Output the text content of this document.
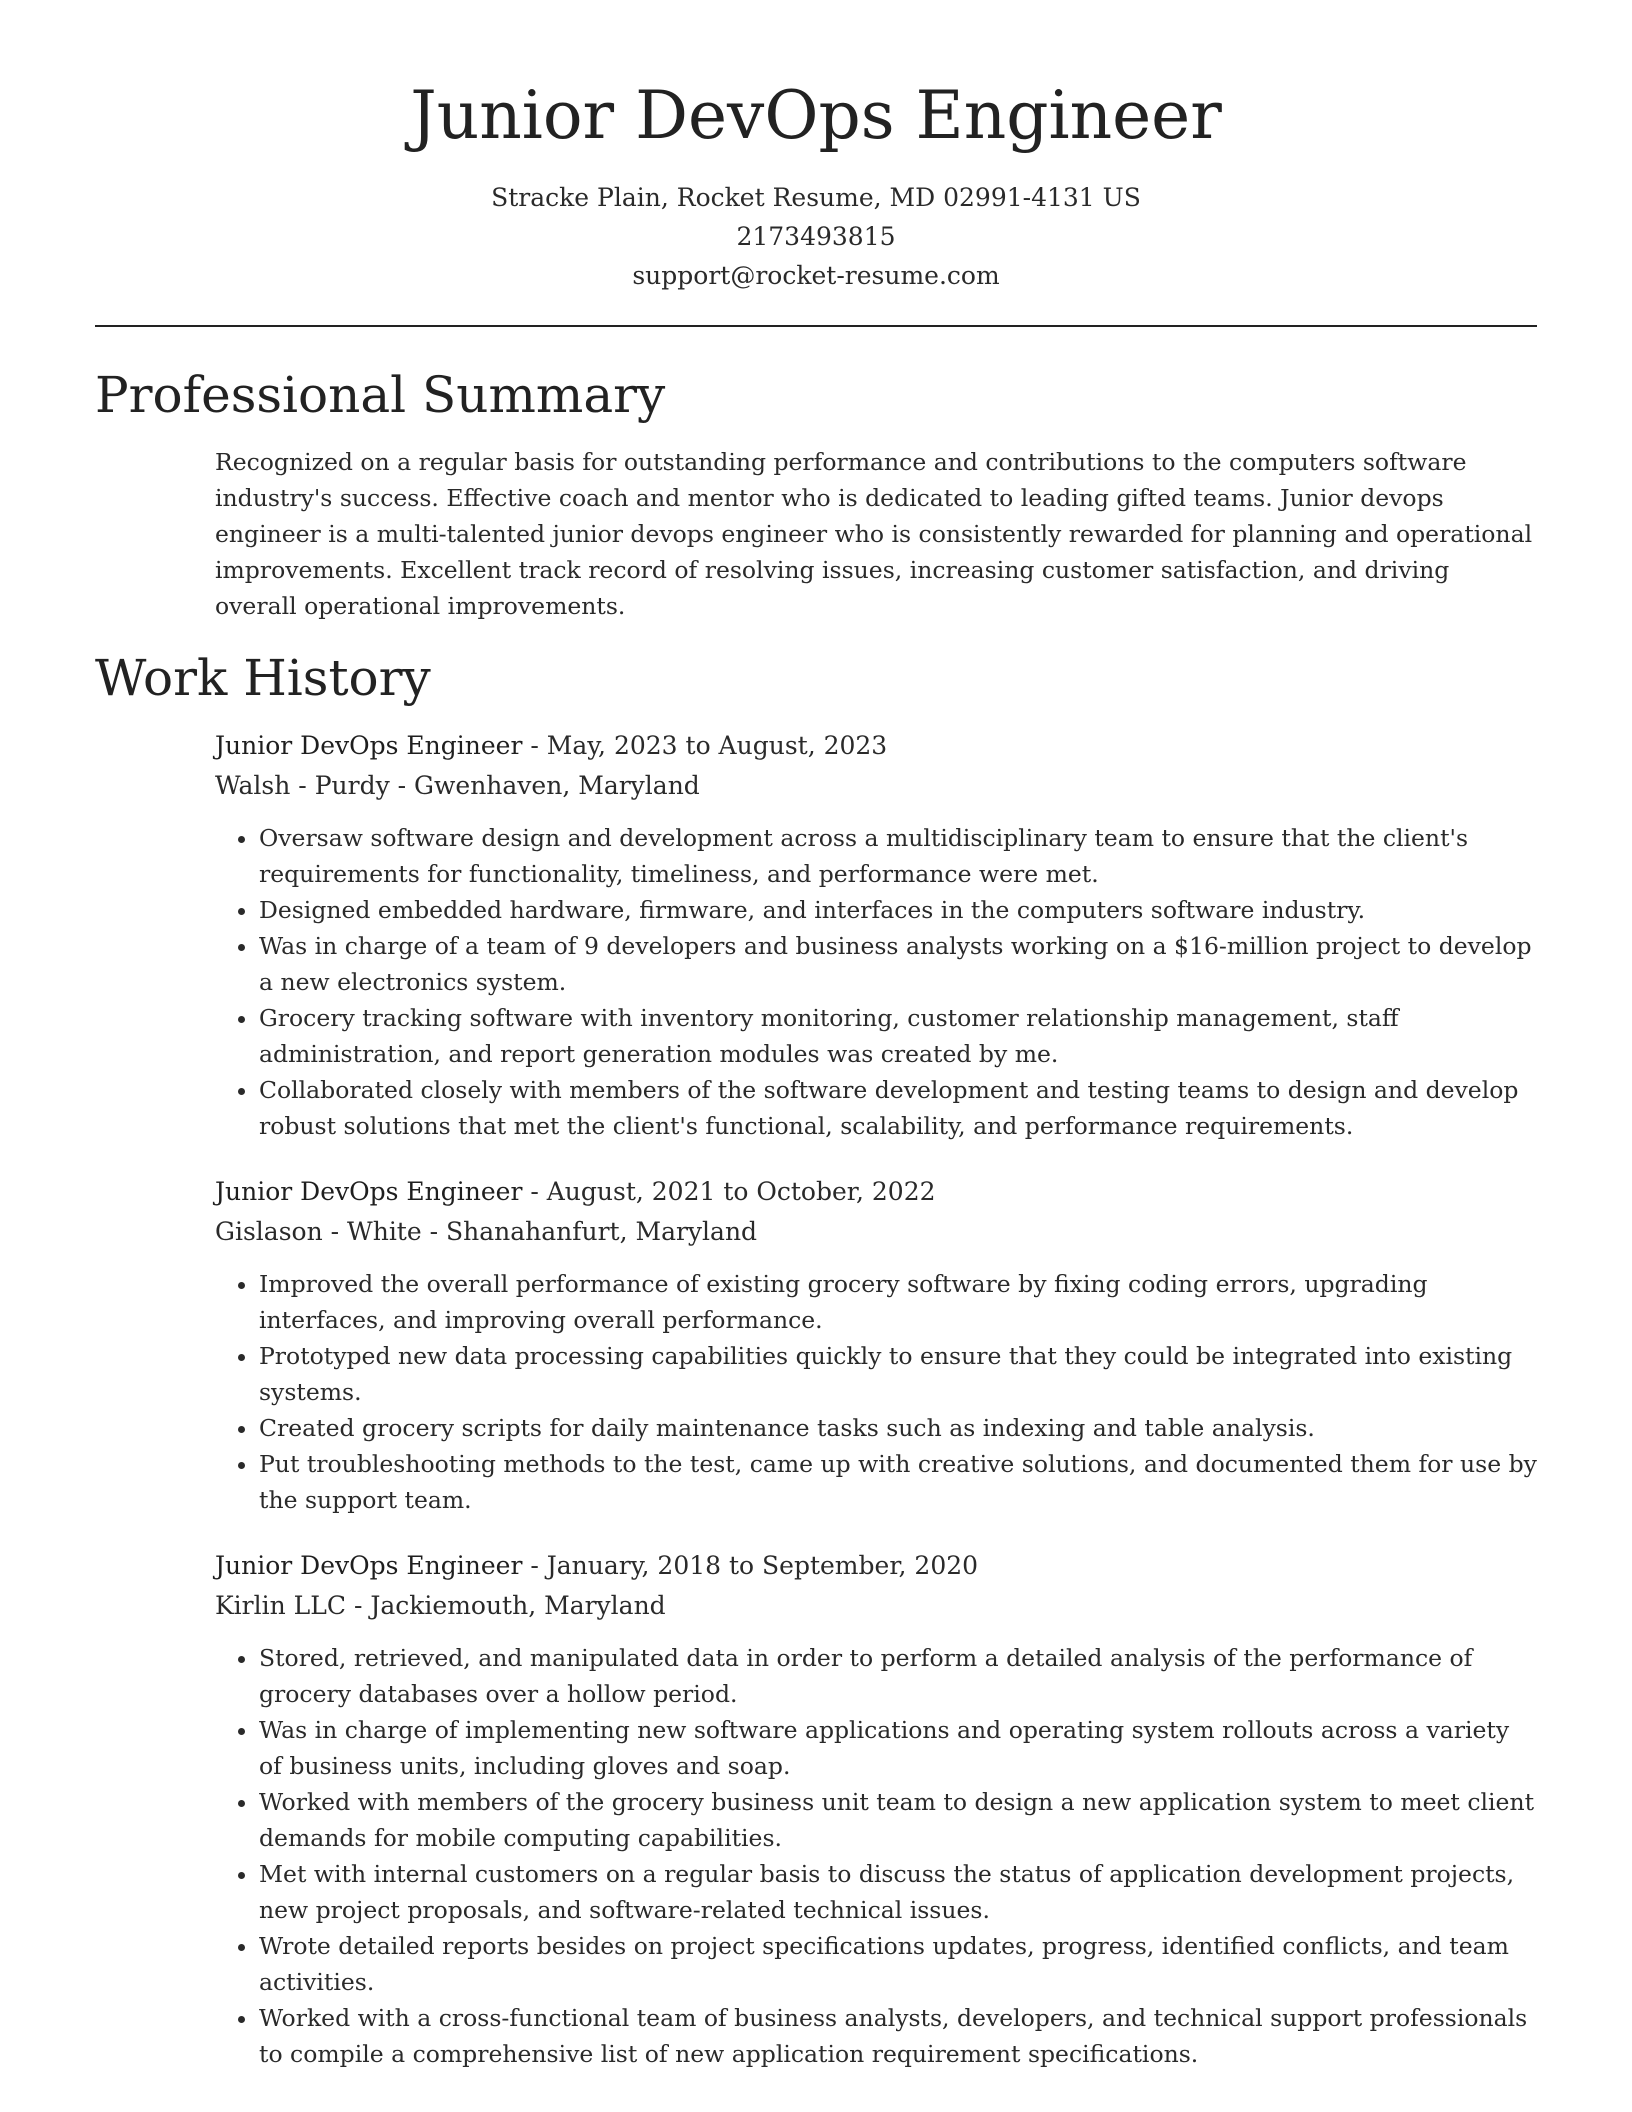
Junior DevOps Engineer
Stracke Plain, Rocket Resume, MD 02991-4131 US
2173493815
support@rocket-resume.com
Professional Summary

Recognized on a regular basis for outstanding performance and contributions to the computers software industry's success. Effective coach and mentor who is dedicated to leading gifted teams. Junior devops engineer is a multi-talented junior devops engineer who is consistently rewarded for planning and operational improvements. Excellent track record of resolving issues, increasing customer satisfaction, and driving overall operational improvements.

Work History
Junior DevOps Engineer - May, 2023 to August, 2023
Walsh - Purdy - Gwenhaven, Maryland
• Oversaw software design and development across a multidisciplinary team to ensure that the client's requirements for functionality, timeliness, and performance were met.
• Designed embedded hardware, firmware, and interfaces in the computers software industry.
• Was in charge of a team of 9 developers and business analysts working on a $16-million project to develop a new electronics system.
• Grocery tracking software with inventory monitoring, customer relationship management, staff administration, and report generation modules was created by me.
• Collaborated closely with members of the software development and testing teams to design and develop robust solutions that met the client's functional, scalability, and performance requirements.
Junior DevOps Engineer - August, 2021 to October, 2022
Gislason - White - Shanahanfurt, Maryland
• Improved the overall performance of existing grocery software by fixing coding errors, upgrading interfaces, and improving overall performance.
• Prototyped new data processing capabilities quickly to ensure that they could be integrated into existing systems.
• Created grocery scripts for daily maintenance tasks such as indexing and table analysis.
• Put troubleshooting methods to the test, came up with creative solutions, and documented them for use by the support team.
Junior DevOps Engineer - January, 2018 to September, 2020
Kirlin LLC - Jackiemouth, Maryland
• Stored, retrieved, and manipulated data in order to perform a detailed analysis of the performance of grocery databases over a hollow period.
• Was in charge of implementing new software applications and operating system rollouts across a variety of business units, including gloves and soap.
• Worked with members of the grocery business unit team to design a new application system to meet client demands for mobile computing capabilities.
• Met with internal customers on a regular basis to discuss the status of application development projects, new project proposals, and software-related technical issues.
• Wrote detailed reports besides on project specifications updates, progress, identified conflicts, and team activities.
• Worked with a cross-functional team of business analysts, developers, and technical support professionals to compile a comprehensive list of new application requirement specifications.
